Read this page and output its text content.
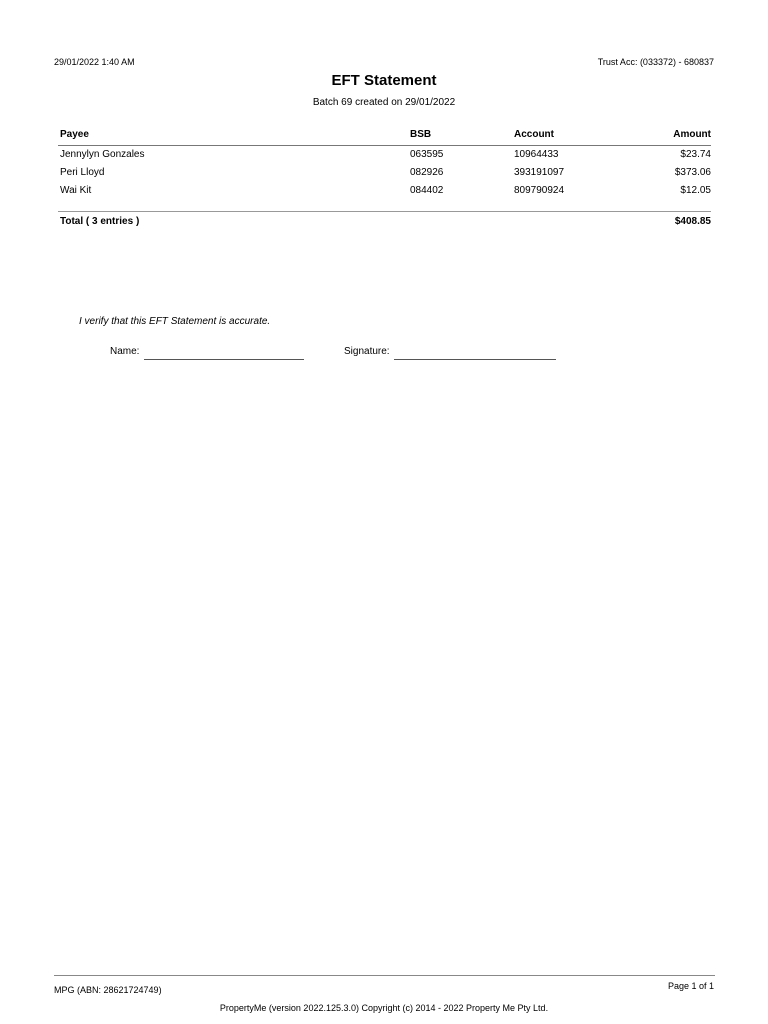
29/01/2022 1:40 AM	Trust Acc: (033372) - 680837
EFT Statement
Batch 69 created on 29/01/2022
Payee	BSB	Account	Amount
Jennylyn Gonzales	063595	10964433	$23.74
Peri Lloyd	082926	393191097	$373.06
Wai Kit	084402	809790924	$12.05
Total ( 3 entries )	$408.85
I verify that this EFT Statement is accurate.
Name:	Signature:
MPG (ABN: 28621724749)	Page 1 of 1
PropertyMe (version 2022.125.3.0) Copyright (c) 2014 - 2022 Property Me Pty Ltd.
